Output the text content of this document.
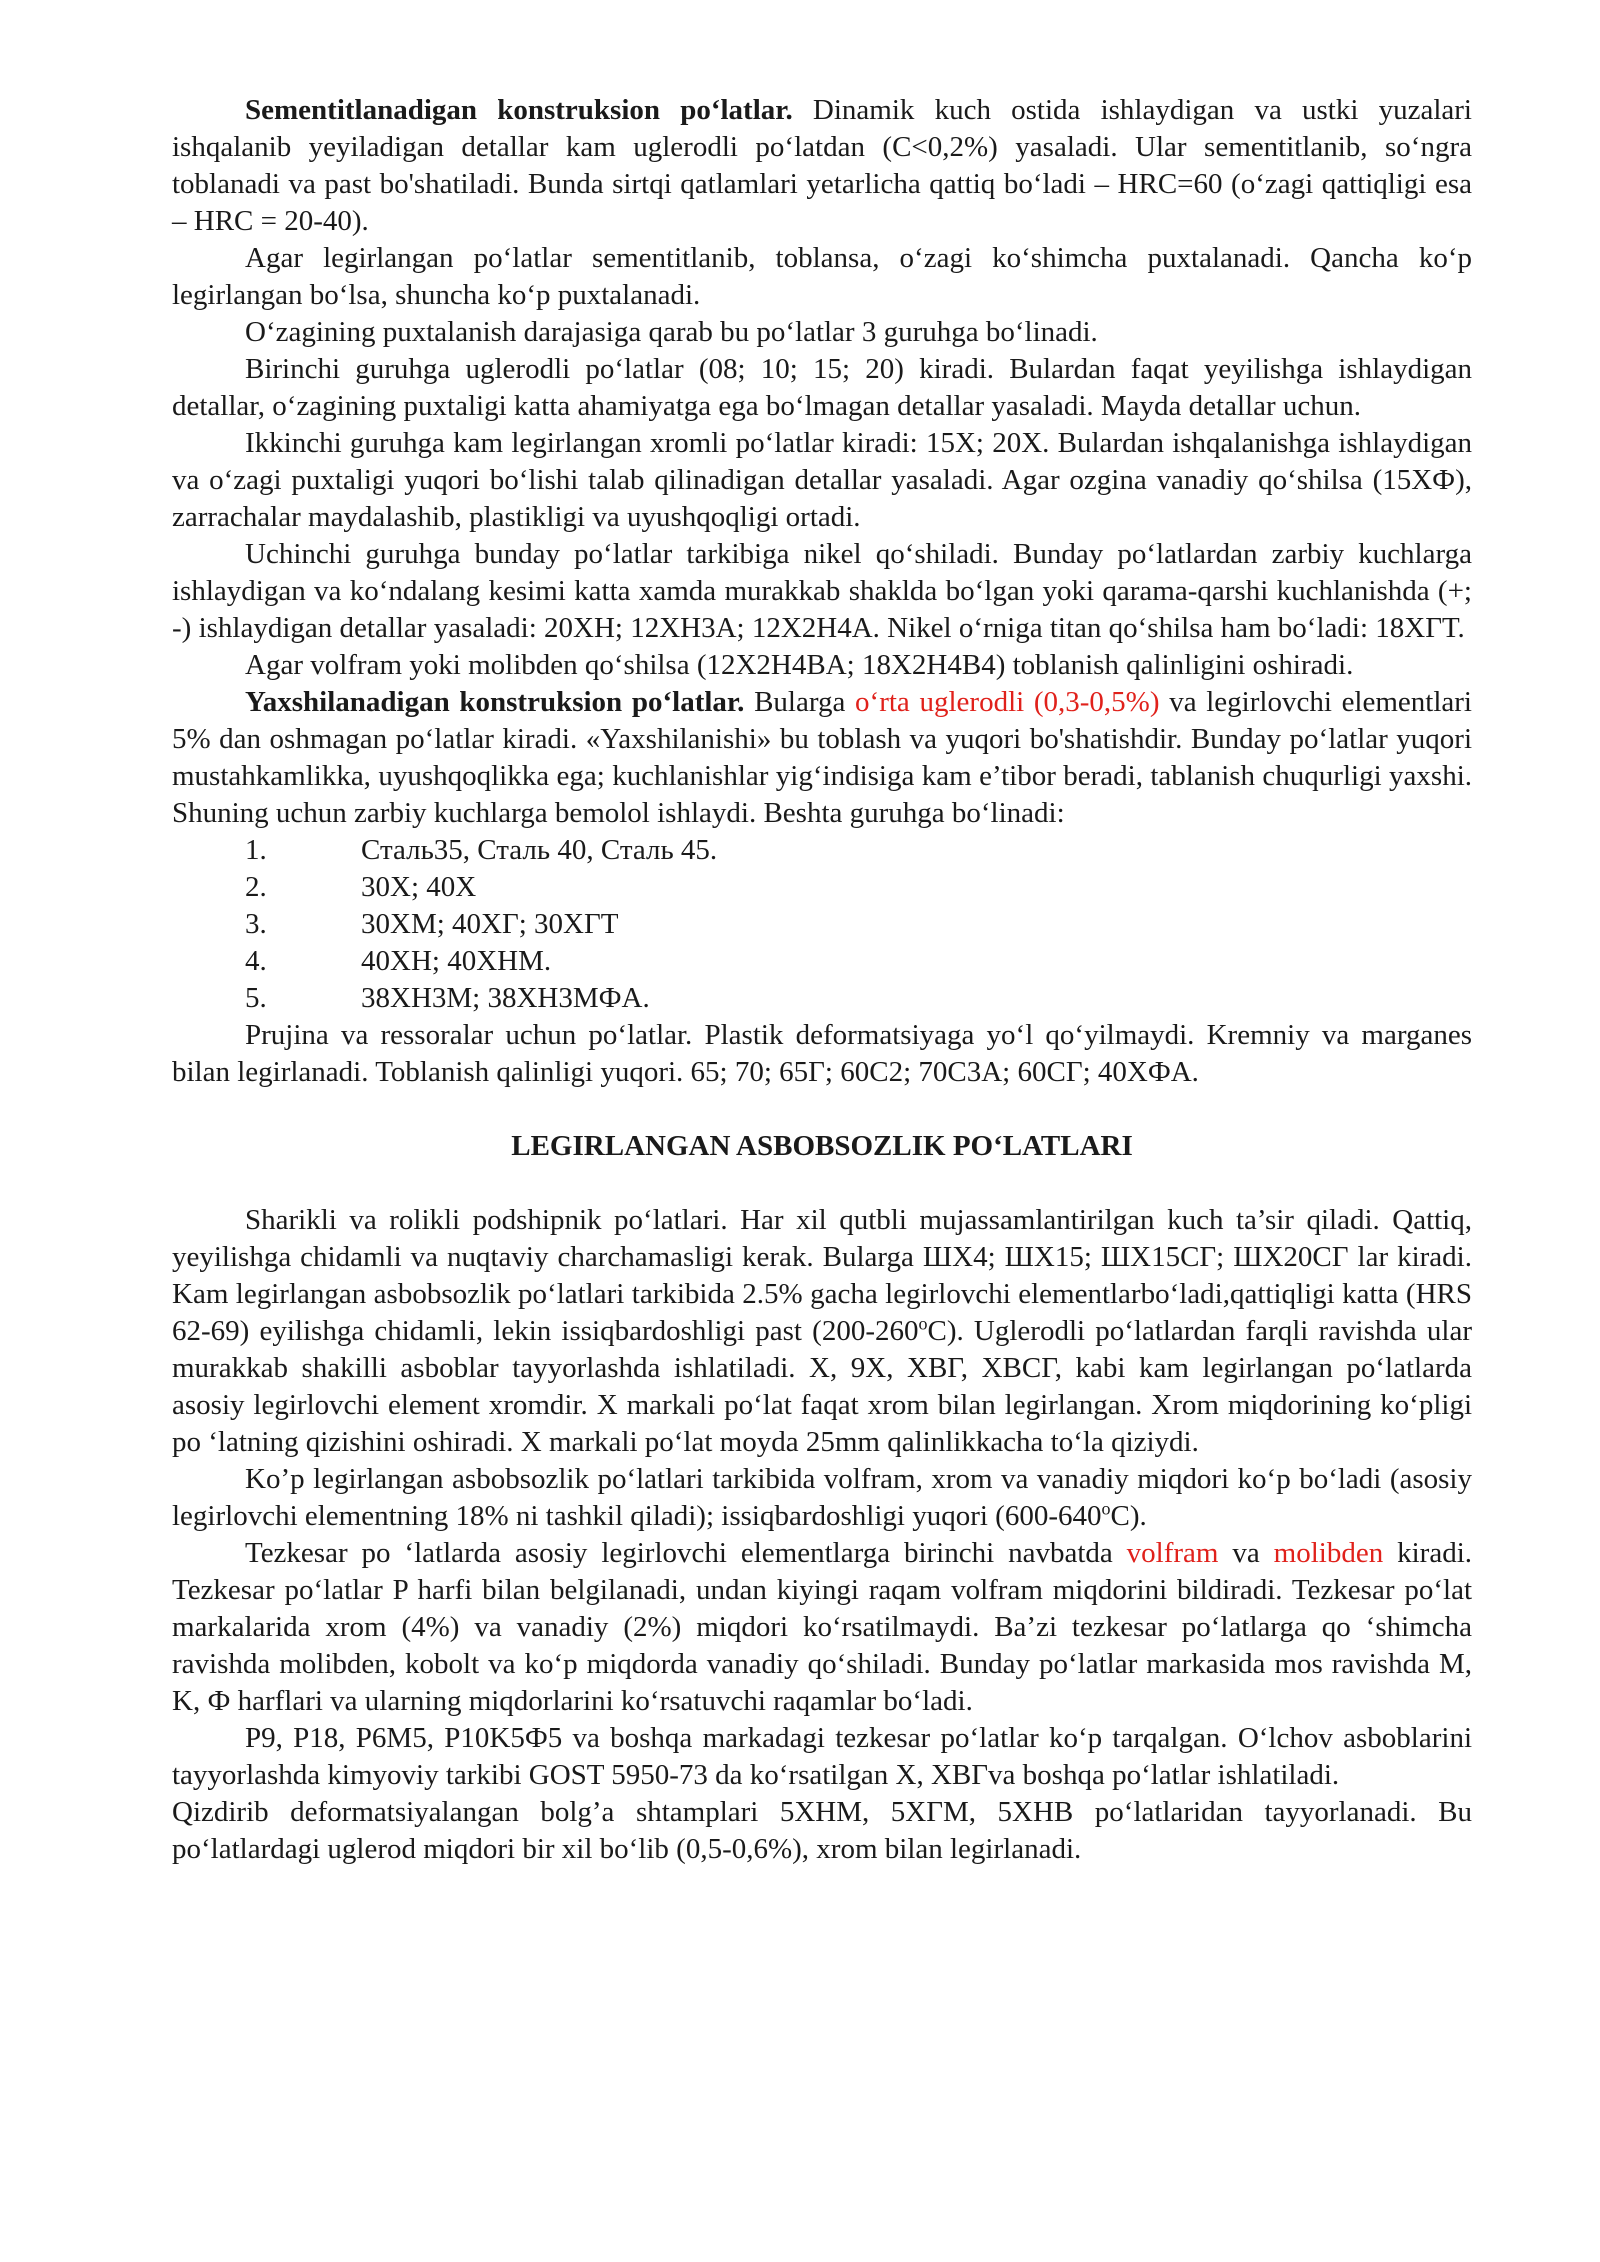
Sementitlanadigan konstruksion po‘latlar. Dinamik kuch ostida ishlaydigan va ustki yuzalari ishqalanib yeyiladigan detallar kam uglerodli po‘latdan (C<0,2%) yasaladi. Ular sementitlanib, so‘ngra toblanadi va past bo'shatiladi. Bunda sirtqi qatlamlari yetarlicha qattiq bo‘ladi – HRC=60 (o‘zagi qattiqligi esa – HRC = 20-40).

Agar legirlangan po‘latlar sementitlanib, toblansa, o‘zagi ko‘shimcha puxtalanadi. Qancha ko‘p legirlangan bo‘lsa, shuncha ko‘p puxtalanadi.

O‘zagining puxtalanish darajasiga qarab bu po‘latlar 3 guruhga bo‘linadi.

Birinchi guruhga uglerodli po‘latlar (08; 10; 15; 20) kiradi. Bulardan faqat yeyilishga ishlaydigan detallar, o‘zagining puxtaligi katta ahamiyatga ega bo‘lmagan detallar yasaladi. Mayda detallar uchun.

Ikkinchi guruhga kam legirlangan xromli po‘latlar kiradi: 15X; 20X. Bulardan ishqalanishga ishlaydigan va o‘zagi puxtaligi yuqori bo‘lishi talab qilinadigan detallar yasaladi. Agar ozgina vanadiy qo‘shilsa (15XФ), zarrachalar maydalashib, plastikligi va uyushqoqligi ortadi.

Uchinchi guruhga bunday po‘latlar tarkibiga nikel qo‘shiladi. Bunday po‘latlardan zarbiy kuchlarga ishlaydigan va ko‘ndalang kesimi katta xamda murakkab shaklda bo‘lgan yoki qarama-qarshi kuchlanishda (+; -) ishlaydigan detallar yasaladi: 20XH; 12XH3A; 12X2H4A. Nikel o‘rniga titan qo‘shilsa ham bo‘ladi: 18XГT.

Agar volfram yoki molibden qo‘shilsa (12X2H4BA; 18X2H4B4) toblanish qalinligini oshiradi.

Yaxshilanadigan konstruksion po‘latlar. Bularga o‘rta uglerodli (0,3-0,5%) va legirlovchi elementlari 5% dan oshmagan po‘latlar kiradi. «Yaxshilanishi» bu toblash va yuqori bo'shatishdir. Bunday po‘latlar yuqori mustahkamlikka, uyushqoqlikka ega; kuchlanishlar yig‘indisiga kam e’tibor beradi, tablanish chuqurligi yaxshi. Shuning uchun zarbiy kuchlarga bemolol ishlaydi. Beshta guruhga bo‘linadi:

1.	Сталь35, Сталь 40, Сталь 45.
2.	30X; 40X
3.	30XM; 40XГ; 30XГT
4.	40XH; 40XHM.
5.	38XH3M; 38XH3MФA.

Prujina va ressoralar uchun po‘latlar. Plastik deformatsiyaga yo‘l qo‘yilmaydi. Kremniy va marganes bilan legirlanadi. Toblanish qalinligi yuqori. 65; 70; 65Г; 60C2; 70C3A; 60CГ; 40XФA.

LEGIRLANGAN ASBOBSOZLIK PO‘LATLARI

Sharikli va rolikli podshipnik po‘latlari. Har xil qutbli mujassamlantirilgan kuch ta’sir qiladi. Qattiq, yeyilishga chidamli va nuqtaviy charchamasligi kerak. Bularga ШX4; ШX15; ШX15CГ; ШX20CГ lar kiradi. Kam legirlangan asbobsozlik po‘latlari tarkibida 2.5% gacha legirlovchi elementlarbo‘ladi,qattiqligi katta (HRS 62-69) eyilishga chidamli, lekin issiqbardoshligi past (200-260$^o$C). Uglerodli po‘latlardan farqli ravishda ular murakkab shakilli asboblar tayyorlashda ishlatiladi. X, 9X, XBГ, XBCГ, kabi kam legirlangan po‘latlarda asosiy legirlovchi element xromdir. X markali po‘lat faqat xrom bilan legirlangan. Xrom miqdorining ko‘pligi po ‘latning qizishini oshiradi. X markali po‘lat moyda 25mm qalinlikkacha to‘la qiziydi.

Ko’p legirlangan asbobsozlik po‘latlari tarkibida volfram, xrom va vanadiy miqdori ko‘p bo‘ladi (asosiy legirlovchi elementning 18% ni tashkil qiladi); issiqbardoshligi yuqori (600-640$^o$C).

Tezkesar po ‘latlarda asosiy legirlovchi elementlarga birinchi navbatda volfram va molibden kiradi. Tezkesar po‘latlar P harfi bilan belgilanadi, undan kiyingi raqam volfram miqdorini bildiradi. Tezkesar po‘lat markalarida xrom (4%) va vanadiy (2%) miqdori ko‘rsatilmaydi. Ba’zi tezkesar po‘latlarga qo ‘shimcha ravishda molibden, kobolt va ko‘p miqdorda vanadiy qo‘shiladi. Bunday po‘latlar markasida mos ravishda M, K, Ф harflari va ularning miqdorlarini ko‘rsatuvchi raqamlar bo‘ladi.

P9, P18, P6M5, P10K5Ф5 va boshqa markadagi tezkesar po‘latlar ko‘p tarqalgan. O‘lchov asboblarini tayyorlashda kimyoviy tarkibi GOST 5950-73 da ko‘rsatilgan X, XBГva boshqa po‘latlar ishlatiladi.

Qizdirib deformatsiyalangan bolg’a shtamplari 5XHM, 5XГM, 5XHB po‘latlaridan tayyorlanadi. Bu po‘latlardagi uglerod miqdori bir xil bo‘lib (0,5-0,6%), xrom bilan legirlanadi.
